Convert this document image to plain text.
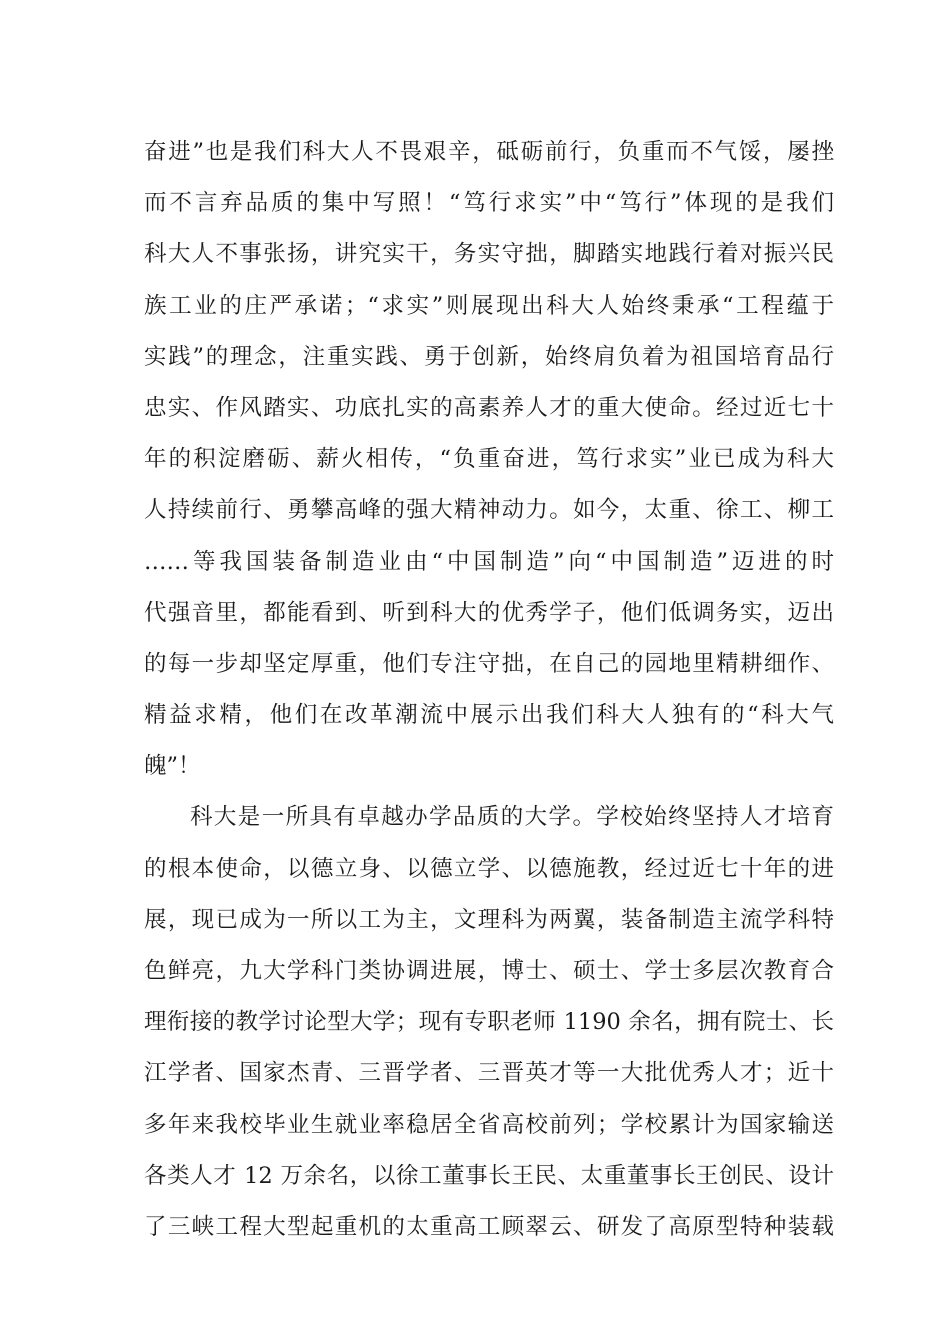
奋进”也是我们科大人不畏艰辛，砥砺前行，负重而不气馁，屡挫
而不言弃品质的集中写照！“笃行求实”中“笃行”体现的是我们
科大人不事张扬，讲究实干，务实守拙，脚踏实地践行着对振兴民
族工业的庄严承诺；“求实”则展现出科大人始终秉承“工程蕴于
实践”的理念，注重实践、勇于创新，始终肩负着为祖国培育品行
忠实、作风踏实、功底扎实的高素养人才的重大使命。经过近七十
年的积淀磨砺、薪火相传，“负重奋进，笃行求实”业已成为科大
人持续前行、勇攀高峰的强大精神动力。如今，太重、徐工、柳工
‥‥‥等我国装备制造业由“中国制造”向“中国制造”迈进的时
代强音里，都能看到、听到科大的优秀学子，他们低调务实，迈出
的每一步却坚定厚重，他们专注守拙，在自己的园地里精耕细作、
精益求精，他们在改革潮流中展示出我们科大人独有的“科大气
魄”！
科大是一所具有卓越办学品质的大学。学校始终坚持人才培育
的根本使命，以德立身、以德立学、以德施教，经过近七十年的进
展，现已成为一所以工为主，文理科为两翼，装备制造主流学科特
色鲜亮，九大学科门类协调进展，博士、硕士、学士多层次教育合
理衔接的教学讨论型大学；现有专职老师 1190 余名，拥有院士、长
江学者、国家杰青、三晋学者、三晋英才等一大批优秀人才；近十
多年来我校毕业生就业率稳居全省高校前列；学校累计为国家输送
各类人才 12 万余名，以徐工董事长王民、太重董事长王创民、设计
了三峡工程大型起重机的太重高工顾翠云、研发了高原型特种装载
